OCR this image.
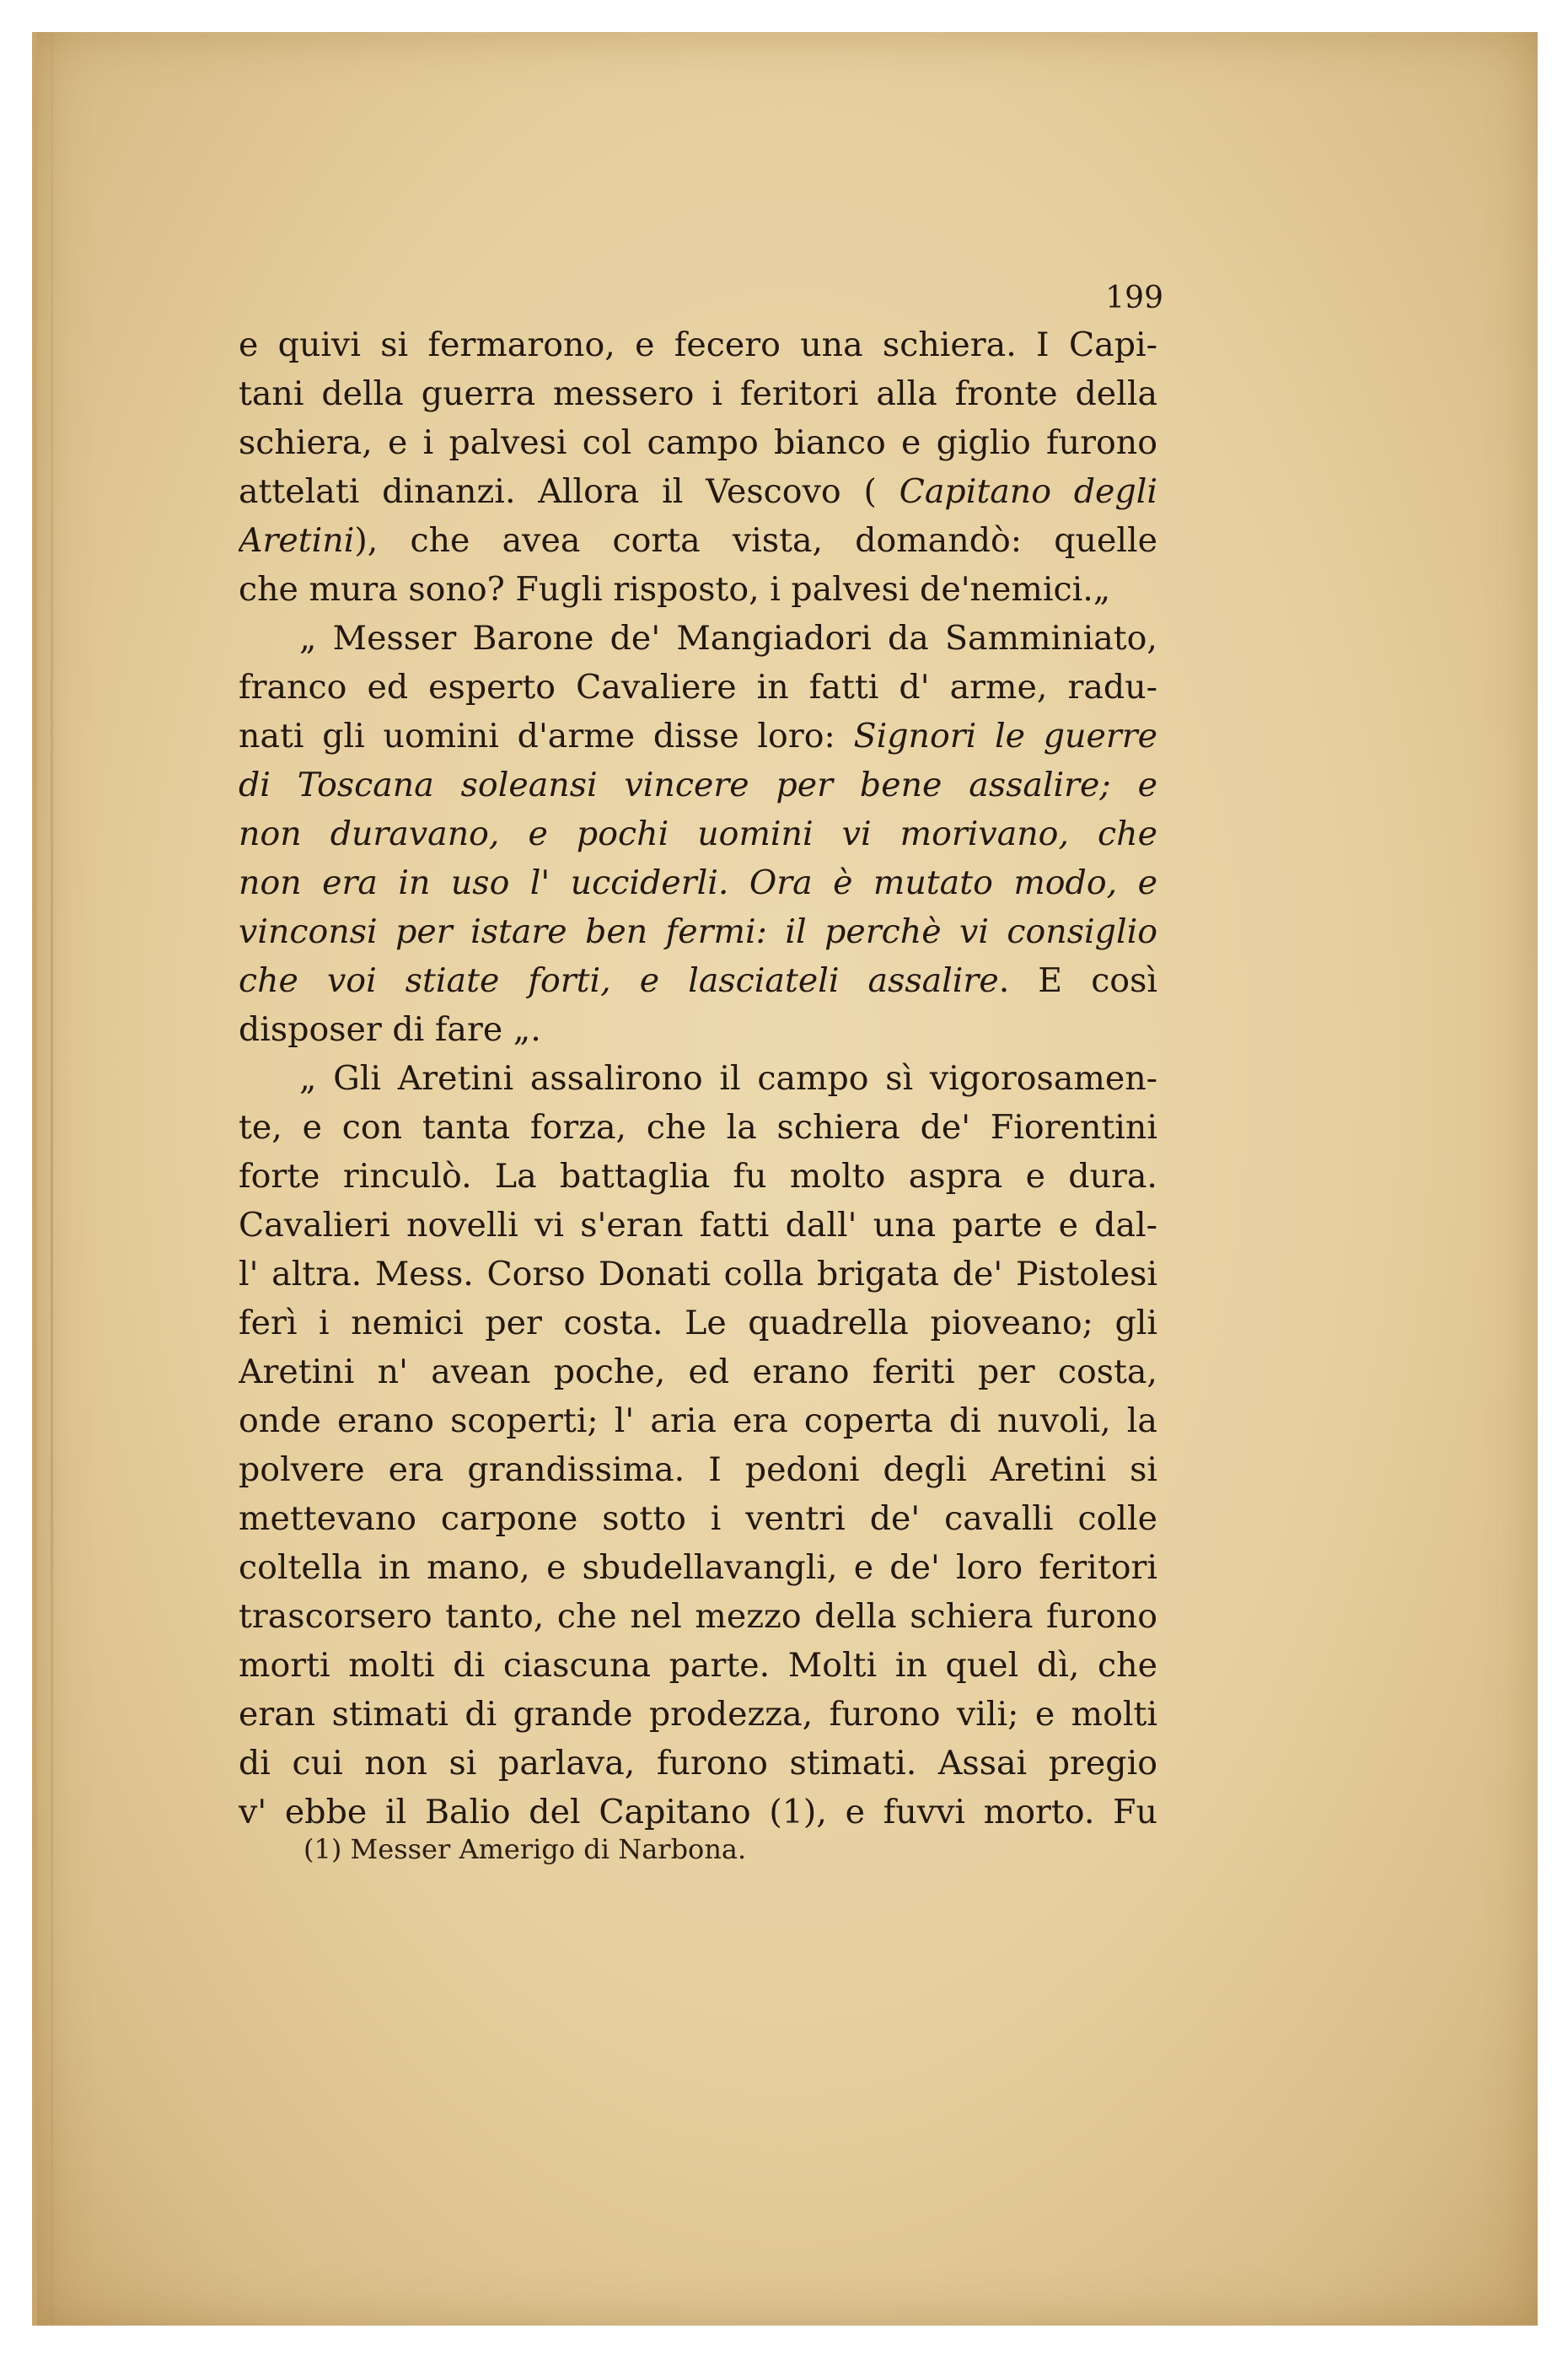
199
e quivi si fermarono, e fecero una schiera. I Capi-
tani della guerra messero i feritori alla fronte della
schiera, e i palvesi col campo bianco e giglio furono
attelati dinanzi. Allora il Vescovo ( Capitano degli
Aretini), che avea corta vista, domandò: quelle
che mura sono? Fugli risposto, i palvesi de'nemici.„
„ Messer Barone de' Mangiadori da Samminiato,
franco ed esperto Cavaliere in fatti d' arme, radu-
nati gli uomini d'arme disse loro: Signori le guerre
di Toscana soleansi vincere per bene assalire; e
non duravano, e pochi uomini vi morivano, che
non era in uso l' ucciderli. Ora è mutato modo, e
vinconsi per istare ben fermi: il perchè vi consiglio
che voi stiate forti, e lasciateli assalire. E così
disposer di fare „.
„ Gli Aretini assalirono il campo sì vigorosamen-
te, e con tanta forza, che la schiera de' Fiorentini
forte rinculò. La battaglia fu molto aspra e dura.
Cavalieri novelli vi s'eran fatti dall' una parte e dal-
l' altra. Mess. Corso Donati colla brigata de' Pistolesi
ferì i nemici per costa. Le quadrella pioveano; gli
Aretini n' avean poche, ed erano feriti per costa,
onde erano scoperti; l' aria era coperta di nuvoli, la
polvere era grandissima. I pedoni degli Aretini si
mettevano carpone sotto i ventri de' cavalli colle
coltella in mano, e sbudellavangli, e de' loro feritori
trascorsero tanto, che nel mezzo della schiera furono
morti molti di ciascuna parte. Molti in quel dì, che
eran stimati di grande prodezza, furono vili; e molti
di cui non si parlava, furono stimati. Assai pregio
v' ebbe il Balio del Capitano (1), e fuvvi morto. Fu
(1) Messer Amerigo di Narbona.
